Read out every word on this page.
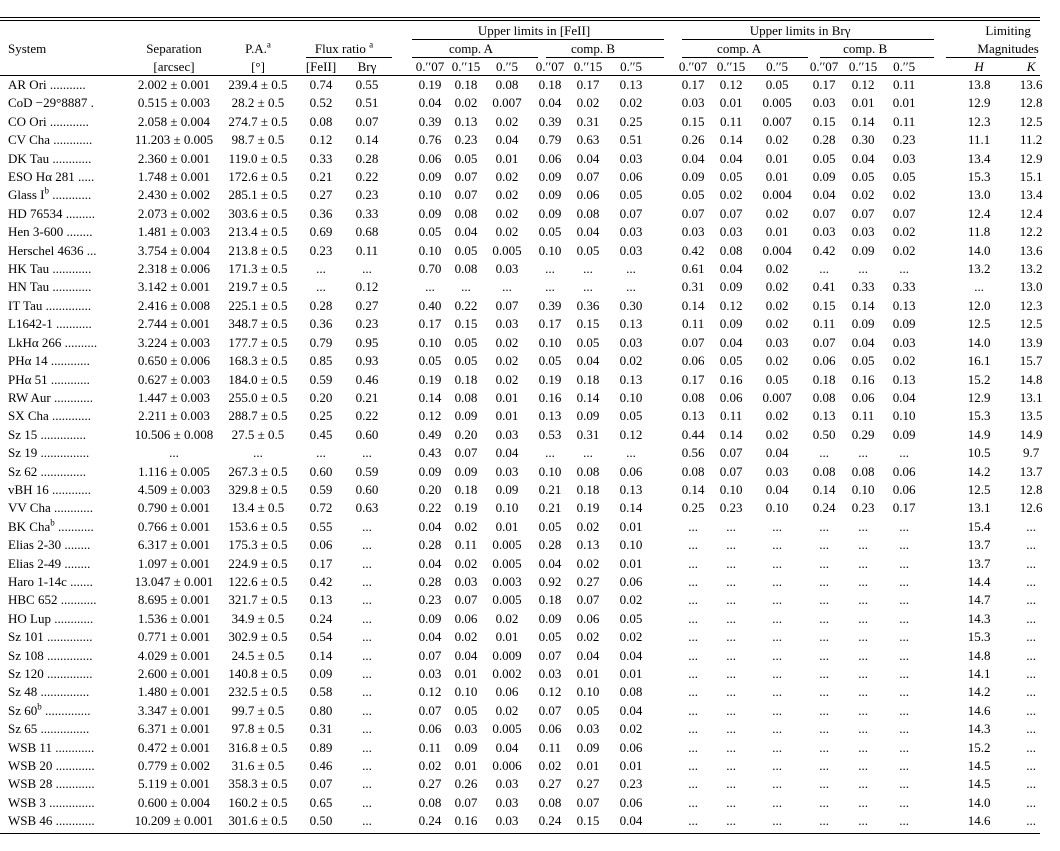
						Upper limits in [FeII]							Upper limits in Brγ							Limiting	
System	Separation	P.A.$^a$	Flux ratio $^a$			comp. A			comp. B				comp. A			comp. B				Magnitudes	
	[arcsec]	[°]	[FeII]	Brγ		0.′′07	0.′′15	0.′′5	0.′′07	0.′′15	0.′′5		0.′′07	0.′′15	0.′′5	0.′′07	0.′′15	0.′′5		H	K
AR Ori ...........	2.002 ± 0.001	239.4 ± 0.5	0.74	0.55		0.19	0.18	0.08	0.18	0.17	0.13		0.17	0.12	0.05	0.17	0.12	0.11		13.8	13.6
CoD −29°8887 .	0.515 ± 0.003	28.2 ± 0.5	0.52	0.51		0.04	0.02	0.007	0.04	0.02	0.02		0.03	0.01	0.005	0.03	0.01	0.01		12.9	12.8
CO Ori ............	2.058 ± 0.004	274.7 ± 0.5	0.08	0.07		0.39	0.13	0.02	0.39	0.31	0.25		0.15	0.11	0.007	0.15	0.14	0.11		12.3	12.5
CV Cha ............	11.203 ± 0.005	98.7 ± 0.5	0.12	0.14		0.76	0.23	0.04	0.79	0.63	0.51		0.26	0.14	0.02	0.28	0.30	0.23		11.1	11.2
DK Tau ............	2.360 ± 0.001	119.0 ± 0.5	0.33	0.28		0.06	0.05	0.01	0.06	0.04	0.03		0.04	0.04	0.01	0.05	0.04	0.03		13.4	12.9
ESO Hα 281 .....	1.748 ± 0.001	172.6 ± 0.5	0.21	0.22		0.09	0.07	0.02	0.09	0.07	0.06		0.09	0.05	0.01	0.09	0.05	0.05		15.3	15.1
Glass $I^b$ ............	2.430 ± 0.002	285.1 ± 0.5	0.27	0.23		0.10	0.07	0.02	0.09	0.06	0.05		0.05	0.02	0.004	0.04	0.02	0.02		13.0	13.4
HD 76534 .........	2.073 ± 0.002	303.6 ± 0.5	0.36	0.33		0.09	0.08	0.02	0.09	0.08	0.07		0.07	0.07	0.02	0.07	0.07	0.07		12.4	12.4
Hen 3-600 ........	1.481 ± 0.003	213.4 ± 0.5	0.69	0.68		0.05	0.04	0.02	0.05	0.04	0.03		0.03	0.03	0.01	0.03	0.03	0.02		11.8	12.2
Herschel 4636 ...	3.754 ± 0.004	213.8 ± 0.5	0.23	0.11		0.10	0.05	0.005	0.10	0.05	0.03		0.42	0.08	0.004	0.42	0.09	0.02		14.0	13.6
HK Tau ............	2.318 ± 0.006	171.3 ± 0.5	...	...		0.70	0.08	0.03	...	...	...		0.61	0.04	0.02	...	...	...		13.2	13.2
HN Tau ............	3.142 ± 0.001	219.7 ± 0.5	...	0.12		...	...	...	...	...	...		0.31	0.09	0.02	0.41	0.33	0.33		...	13.0
IT Tau ..............	2.416 ± 0.008	225.1 ± 0.5	0.28	0.27		0.40	0.22	0.07	0.39	0.36	0.30		0.14	0.12	0.02	0.15	0.14	0.13		12.0	12.3
L1642-1 ...........	2.744 ± 0.001	348.7 ± 0.5	0.36	0.23		0.17	0.15	0.03	0.17	0.15	0.13		0.11	0.09	0.02	0.11	0.09	0.09		12.5	12.5
LkHα 266 ..........	3.224 ± 0.003	177.7 ± 0.5	0.79	0.95		0.10	0.05	0.02	0.10	0.05	0.03		0.07	0.04	0.03	0.07	0.04	0.03		14.0	13.9
PHα 14 ............	0.650 ± 0.006	168.3 ± 0.5	0.85	0.93		0.05	0.05	0.02	0.05	0.04	0.02		0.06	0.05	0.02	0.06	0.05	0.02		16.1	15.7
PHα 51 ............	0.627 ± 0.003	184.0 ± 0.5	0.59	0.46		0.19	0.18	0.02	0.19	0.18	0.13		0.17	0.16	0.05	0.18	0.16	0.13		15.2	14.8
RW Aur ............	1.447 ± 0.003	255.0 ± 0.5	0.20	0.21		0.14	0.08	0.01	0.16	0.14	0.10		0.08	0.06	0.007	0.08	0.06	0.04		12.9	13.1
SX Cha ............	2.211 ± 0.003	288.7 ± 0.5	0.25	0.22		0.12	0.09	0.01	0.13	0.09	0.05		0.13	0.11	0.02	0.13	0.11	0.10		15.3	13.5
Sz 15 ..............	10.506 ± 0.008	27.5 ± 0.5	0.45	0.60		0.49	0.20	0.03	0.53	0.31	0.12		0.44	0.14	0.02	0.50	0.29	0.09		14.9	14.9
Sz 19 ...............	...	...	...	...		0.43	0.07	0.04	...	...	...		0.56	0.07	0.04	...	...	...		10.5	9.7
Sz 62 ..............	1.116 ± 0.005	267.3 ± 0.5	0.60	0.59		0.09	0.09	0.03	0.10	0.08	0.06		0.08	0.07	0.03	0.08	0.08	0.06		14.2	13.7
vBH 16 ............	4.509 ± 0.003	329.8 ± 0.5	0.59	0.60		0.20	0.18	0.09	0.21	0.18	0.13		0.14	0.10	0.04	0.14	0.10	0.06		12.5	12.8
VV Cha ............	0.790 ± 0.001	13.4 ± 0.5	0.72	0.63		0.22	0.19	0.10	0.21	0.19	0.14		0.25	0.23	0.10	0.24	0.23	0.17		13.1	12.6
BK Cha$^b$ ...........	0.766 ± 0.001	153.6 ± 0.5	0.55	...		0.04	0.02	0.01	0.05	0.02	0.01		...	...	...	...	...	...		15.4	...
Elias 2-30 ........	6.317 ± 0.001	175.3 ± 0.5	0.06	...		0.28	0.11	0.005	0.28	0.13	0.10		...	...	...	...	...	...		13.7	...
Elias 2-49 ........	1.097 ± 0.001	224.9 ± 0.5	0.17	...		0.04	0.02	0.005	0.04	0.02	0.01		...	...	...	...	...	...		13.7	...
Haro 1-14c .......	13.047 ± 0.001	122.6 ± 0.5	0.42	...		0.28	0.03	0.003	0.92	0.27	0.06		...	...	...	...	...	...		14.4	...
HBC 652 ...........	8.695 ± 0.001	321.7 ± 0.5	0.13	...		0.23	0.07	0.005	0.18	0.07	0.02		...	...	...	...	...	...		14.7	...
HO Lup ............	1.536 ± 0.001	34.9 ± 0.5	0.24	...		0.09	0.06	0.02	0.09	0.06	0.05		...	...	...	...	...	...		14.3	...
Sz 101 ..............	0.771 ± 0.001	302.9 ± 0.5	0.54	...		0.04	0.02	0.01	0.05	0.02	0.02		...	...	...	...	...	...		15.3	...
Sz 108 ..............	4.029 ± 0.001	24.5 ± 0.5	0.14	...		0.07	0.04	0.009	0.07	0.04	0.04		...	...	...	...	...	...		14.8	...
Sz 120 ..............	2.600 ± 0.001	140.8 ± 0.5	0.09	...		0.03	0.01	0.002	0.03	0.01	0.01		...	...	...	...	...	...		14.1	...
Sz 48 ...............	1.480 ± 0.001	232.5 ± 0.5	0.58	...		0.12	0.10	0.06	0.12	0.10	0.08		...	...	...	...	...	...		14.2	...
Sz 60$^b$ ..............	3.347 ± 0.001	99.7 ± 0.5	0.80	...		0.07	0.05	0.02	0.07	0.05	0.04		...	...	...	...	...	...		14.6	...
Sz 65 ...............	6.371 ± 0.001	97.8 ± 0.5	0.31	...		0.06	0.03	0.005	0.06	0.03	0.02		...	...	...	...	...	...		14.3	...
WSB 11 ............	0.472 ± 0.001	316.8 ± 0.5	0.89	...		0.11	0.09	0.04	0.11	0.09	0.06		...	...	...	...	...	...		15.2	...
WSB 20 ............	0.779 ± 0.002	31.6 ± 0.5	0.46	...		0.02	0.01	0.006	0.02	0.01	0.01		...	...	...	...	...	...		14.5	...
WSB 28 ............	5.119 ± 0.001	358.3 ± 0.5	0.07	...		0.27	0.26	0.03	0.27	0.27	0.23		...	...	...	...	...	...		14.5	...
WSB 3 ..............	0.600 ± 0.004	160.2 ± 0.5	0.65	...		0.08	0.07	0.03	0.08	0.07	0.06		...	...	...	...	...	...		14.0	...
WSB 46 ............	10.209 ± 0.001	301.6 ± 0.5	0.50	...		0.24	0.16	0.03	0.24	0.15	0.04		...	...	...	...	...	...		14.6	...
